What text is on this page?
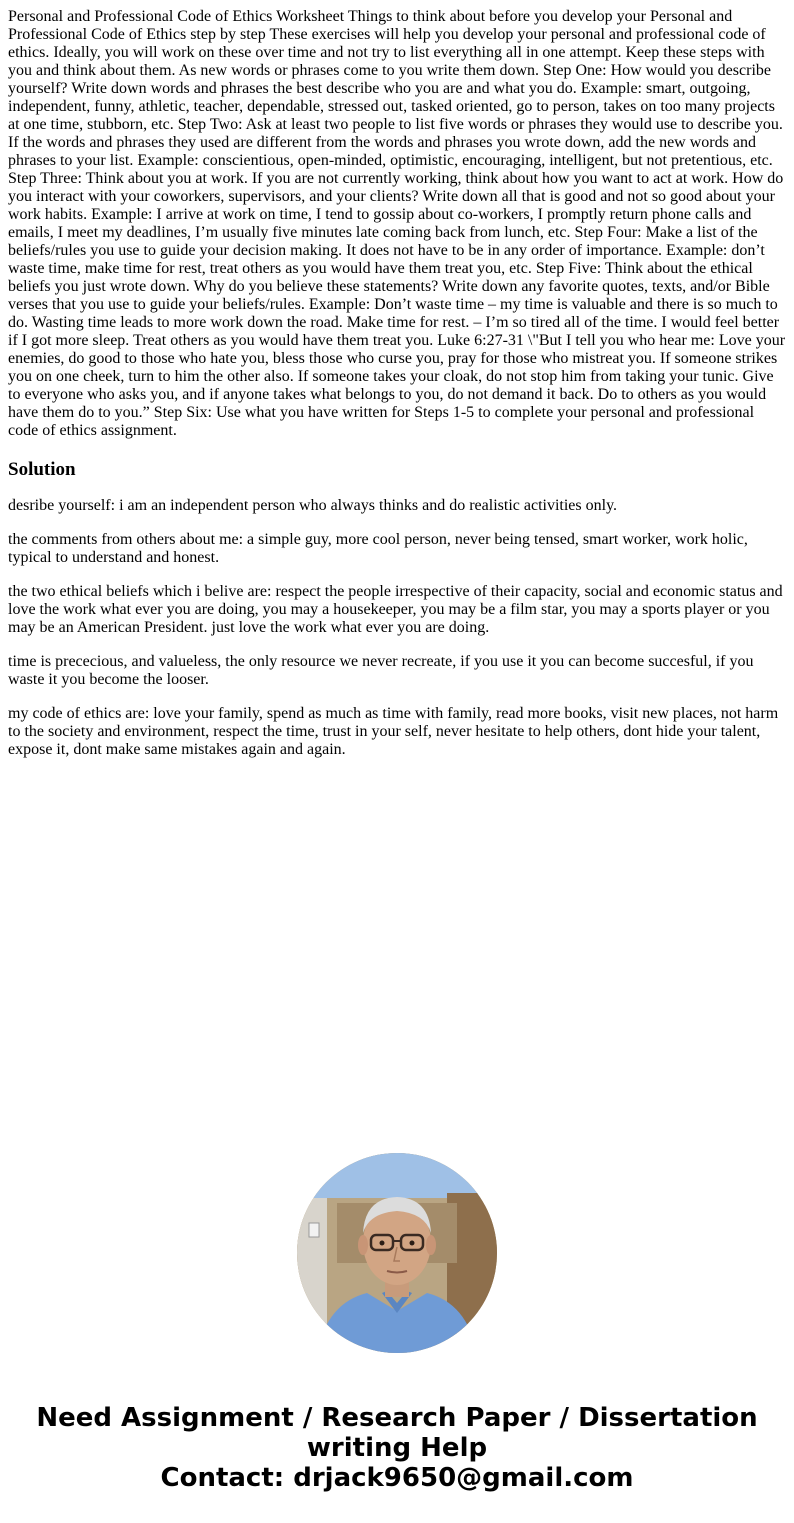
Personal and Professional Code of Ethics Worksheet Things to think about before you develop your Personal and Professional Code of Ethics step by step These exercises will help you develop your personal and professional code of ethics. Ideally, you will work on these over time and not try to list everything all in one attempt. Keep these steps with you and think about them. As new words or phrases come to you write them down. Step One: How would you describe yourself? Write down words and phrases the best describe who you are and what you do. Example: smart, outgoing, independent, funny, athletic, teacher, dependable, stressed out, tasked oriented, go to person, takes on too many projects at one time, stubborn, etc. Step Two: Ask at least two people to list five words or phrases they would use to describe you. If the words and phrases they used are different from the words and phrases you wrote down, add the new words and phrases to your list. Example: conscientious, open-minded, optimistic, encouraging, intelligent, but not pretentious, etc. Step Three: Think about you at work. If you are not currently working, think about how you want to act at work. How do you interact with your coworkers, supervisors, and your clients? Write down all that is good and not so good about your work habits. Example: I arrive at work on time, I tend to gossip about co-workers, I promptly return phone calls and emails, I meet my deadlines, I’m usually five minutes late coming back from lunch, etc. Step Four: Make a list of the beliefs/rules you use to guide your decision making. It does not have to be in any order of importance. Example: don’t waste time, make time for rest, treat others as you would have them treat you, etc. Step Five: Think about the ethical beliefs you just wrote down. Why do you believe these statements? Write down any favorite quotes, texts, and/or Bible verses that you use to guide your beliefs/rules. Example: Don’t waste time – my time is valuable and there is so much to do. Wasting time leads to more work down the road. Make time for rest. – I’m so tired all of the time. I would feel better if I got more sleep. Treat others as you would have them treat you. Luke 6:27-31 \"But I tell you who hear me: Love your enemies, do good to those who hate you, bless those who curse you, pray for those who mistreat you. If someone strikes you on one cheek, turn to him the other also. If someone takes your cloak, do not stop him from taking your tunic. Give to everyone who asks you, and if anyone takes what belongs to you, do not demand it back. Do to others as you would have them do to you.” Step Six: Use what you have written for Steps 1-5 to complete your personal and professional code of ethics assignment.

Solution

desribe yourself: i am an independent person who always thinks and do realistic activities only.

the comments from others about me: a simple guy, more cool person, never being tensed, smart worker, work holic, typical to understand and honest.

the two ethical beliefs which i belive are: respect the people irrespective of their capacity, social and economic status and love the work what ever you are doing, you may a housekeeper, you may be a film star, you may a sports player or you may be an American President. just love the work what ever you are doing.

time is prececious, and valueless, the only resource we never recreate, if you use it you can become succesful, if you waste it you become the looser.

my code of ethics are: love your family, spend as much as time with family, read more books, visit new places, not harm to the society and environment, respect the time, trust in your self, never hesitate to help others, dont hide your talent, expose it, dont make same mistakes again and again.

Need Assignment / Research Paper / Dissertation
writing Help
Contact: drjack9650@gmail.com
